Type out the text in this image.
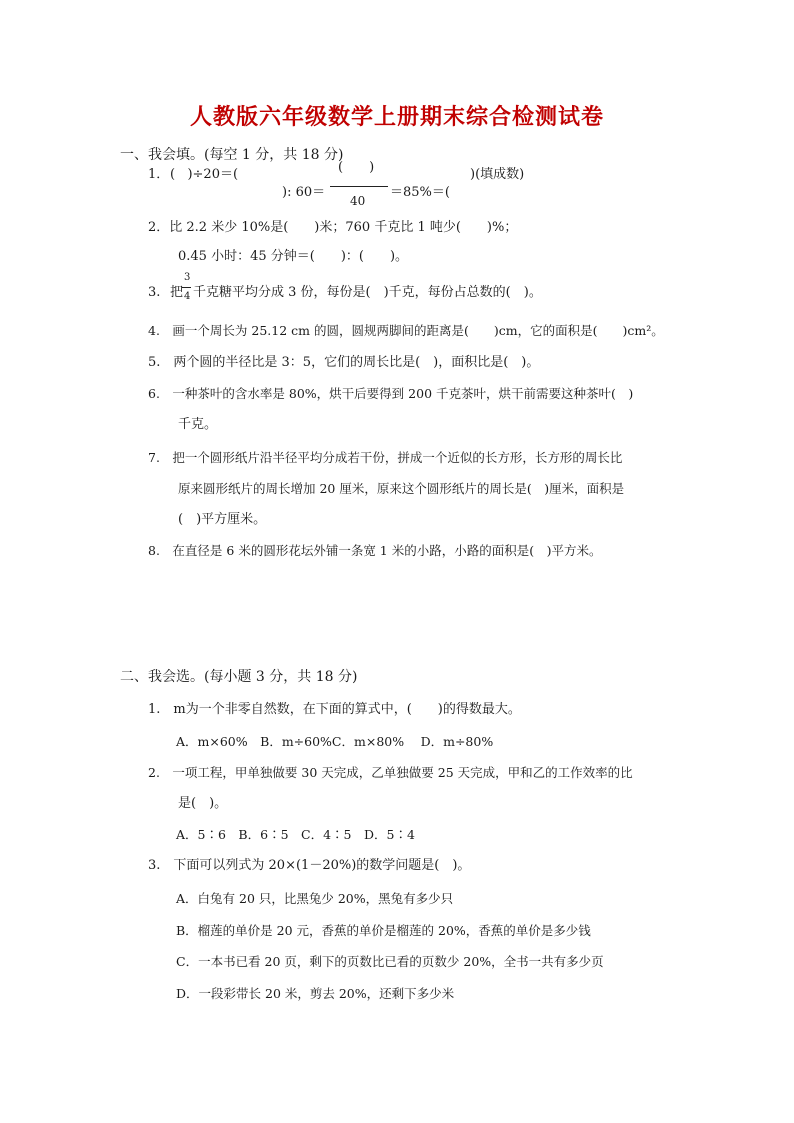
人教版六年级数学上册期末综合检测试卷
一、我会填。(每空 1 分，共 18 分)
1． (   )÷20＝(
): 60＝
(　　)
40
＝85%＝(
)(填成数)
2．比 2.2 米少 10%是(　　)米；760 千克比 1 吨少(　　)%；
0.45 小时：45 分钟＝(　　)：(　　)。
3. 把
3
4 千克糖平均分成 3 份，每份是(　)千克，每份占总数的(　)。
4.　画一个周长为 25.12 cm 的圆，圆规两脚间的距离是(　　)cm，它的面积是(　　)cm²。
5.　两个圆的半径比是 3：5，它们的周长比是(　)，面积比是(　)。
6.　一种茶叶的含水率是 80%，烘干后要得到 200 千克茶叶，烘干前需要这种茶叶(　)
千克。
7.　把一个圆形纸片沿半径平均分成若干份，拼成一个近似的长方形，长方形的周长比
原来圆形纸片的周长增加 20 厘米，原来这个圆形纸片的周长是(　)厘米，面积是
(　)平方厘米。
8.　在直径是 6 米的圆形花坛外铺一条宽 1 米的小路，小路的面积是(　)平方米。
二、我会选。(每小题 3 分，共 18 分)
1.　m为一个非零自然数，在下面的算式中，(　　)的得数最大。
A．m×60%　B．m÷60%C．m×80%　 D．m÷80%
2.　一项工程，甲单独做要 30 天完成，乙单独做要 25 天完成，甲和乙的工作效率的比
是(　)。
A．5∶6　B．6∶5　C．4∶5　D．5∶4
3.　下面可以列式为 20×(1－20%)的数学问题是(　)。
A．白兔有 20 只，比黑兔少 20%，黑兔有多少只
B．榴莲的单价是 20 元，香蕉的单价是榴莲的 20%，香蕉的单价是多少钱
C．一本书已看 20 页，剩下的页数比已看的页数少 20%，全书一共有多少页
D．一段彩带长 20 米，剪去 20%，还剩下多少米
